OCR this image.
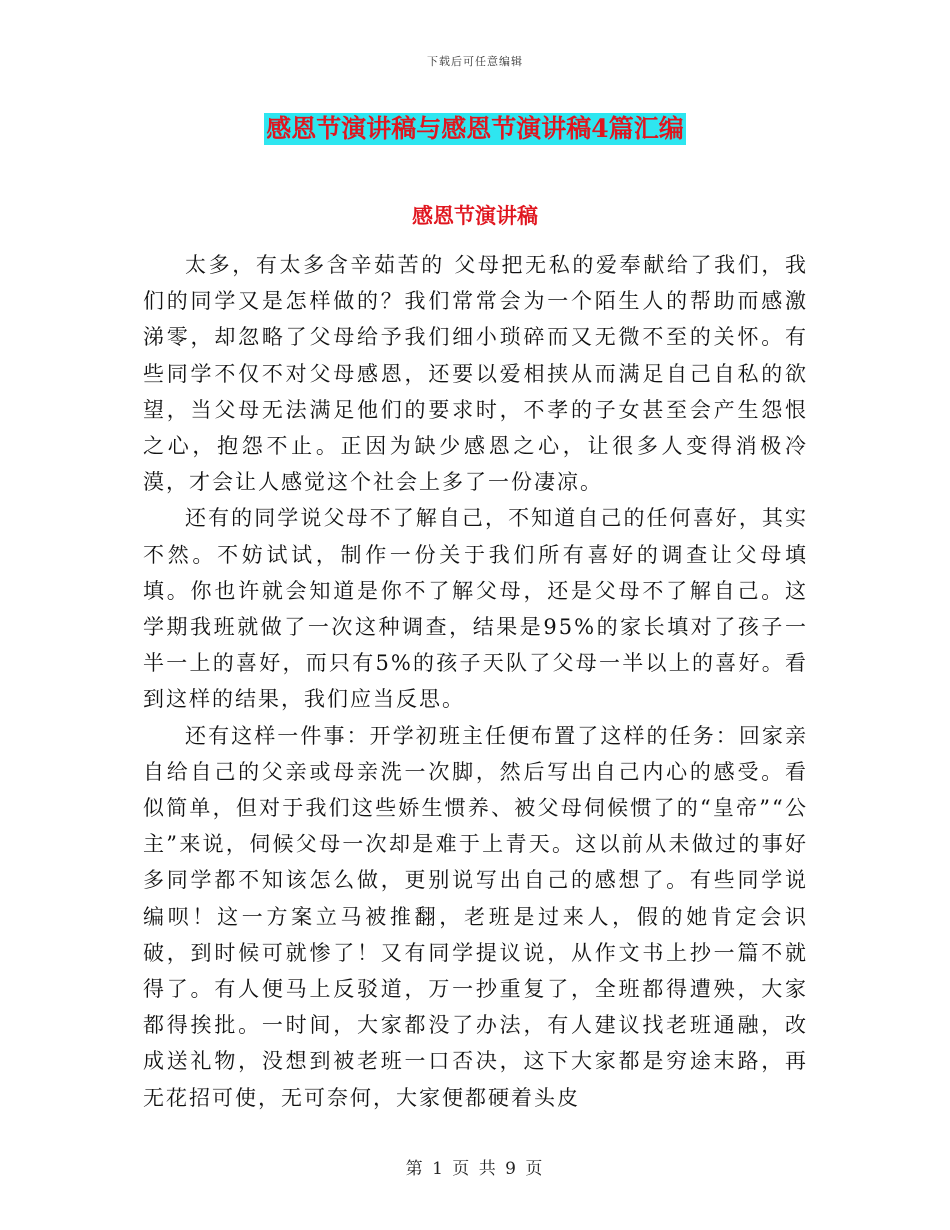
下载后可任意编辑
感恩节演讲稿与感恩节演讲稿4篇汇编
感恩节演讲稿

太多，有太多含辛茹苦的 父母把无私的爱奉献给了我们，我们的同学又是怎样做的？我们常常会为一个陌生人的帮助而感激涕零，却忽略了父母给予我们细小琐碎而又无微不至的关怀。有些同学不仅不对父母感恩，还要以爱相挟从而满足自己自私的欲望，当父母无法满足他们的要求时，不孝的子女甚至会产生怨恨之心，抱怨不止。正因为缺少感恩之心，让很多人变得消极冷漠，才会让人感觉这个社会上多了一份凄凉。

还有的同学说父母不了解自己，不知道自己的任何喜好，其实不然。不妨试试，制作一份关于我们所有喜好的调查让父母填填。你也许就会知道是你不了解父母，还是父母不了解自己。这学期我班就做了一次这种调查，结果是95%的家长填对了孩子一半一上的喜好，而只有5%的孩子天队了父母一半以上的喜好。看到这样的结果，我们应当反思。

还有这样一件事：开学初班主任便布置了这样的任务：回家亲自给自己的父亲或母亲洗一次脚，然后写出自己内心的感受。看似简单，但对于我们这些娇生惯养、被父母伺候惯了的“皇帝”“公主”来说，伺候父母一次却是难于上青天。这以前从未做过的事好多同学都不知该怎么做，更别说写出自己的感想了。有些同学说编呗！这一方案立马被推翻，老班是过来人，假的她肯定会识破，到时候可就惨了！又有同学提议说，从作文书上抄一篇不就得了。有人便马上反驳道，万一抄重复了，全班都得遭殃，大家都得挨批。一时间，大家都没了办法，有人建议找老班通融，改成送礼物，没想到被老班一口否决，这下大家都是穷途末路，再无花招可使，无可奈何，大家便都硬着头皮

第 1 页 共 9 页
